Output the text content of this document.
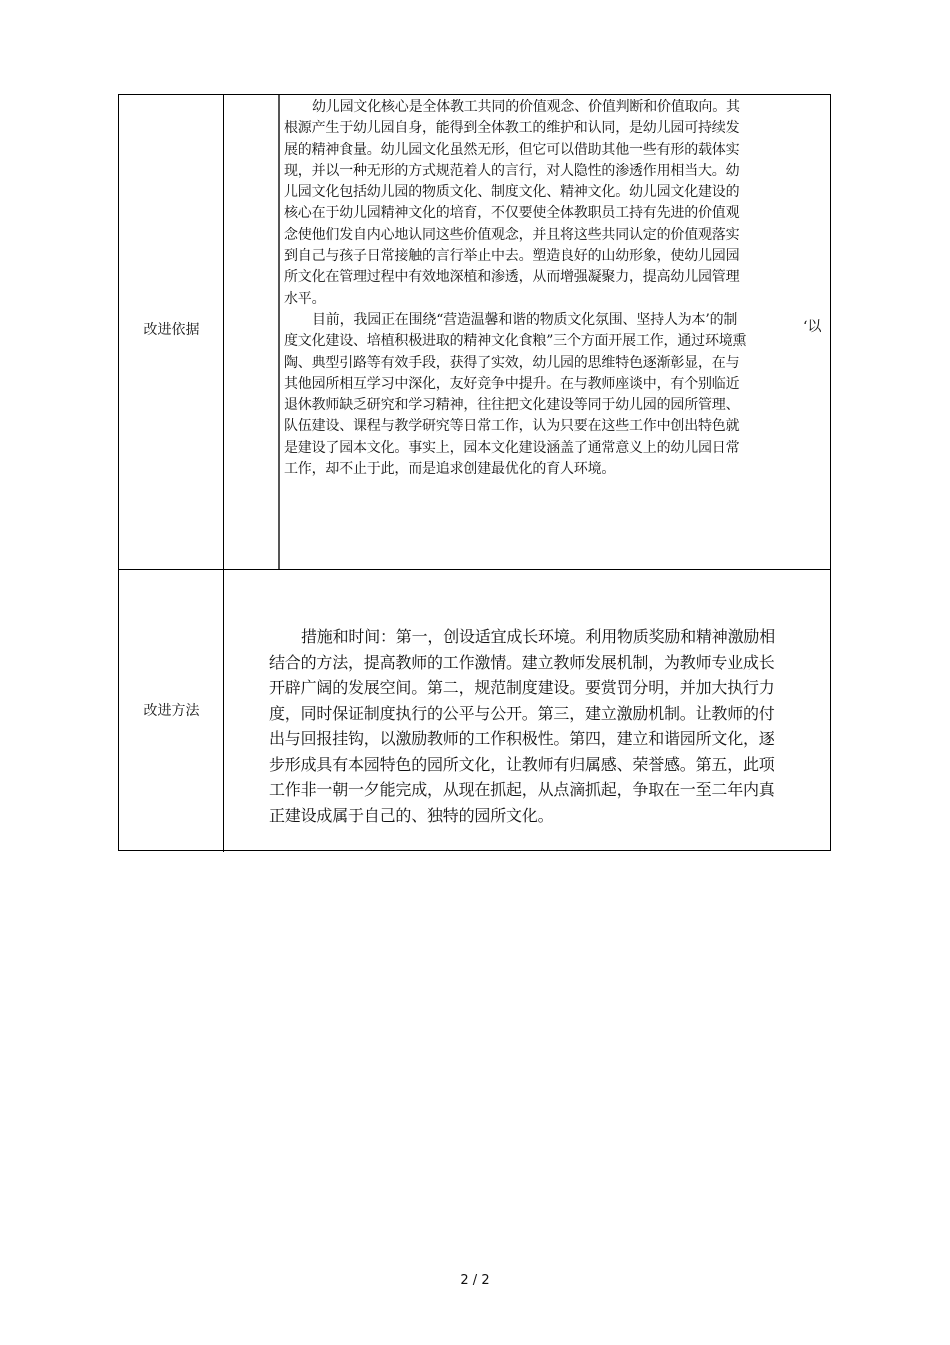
改进依据
改进方法

幼儿园文化核心是全体教工共同的价值观念、价值判断和价值取向。其根源产生于幼儿园自身，能得到全体教工的维护和认同，是幼儿园可持续发展的精神食量。幼儿园文化虽然无形，但它可以借助其他一些有形的载体实现，并以一种无形的方式规范着人的言行，对人隐性的渗透作用相当大。幼儿园文化包括幼儿园的物质文化、制度文化、精神文化。幼儿园文化建设的核心在于幼儿园精神文化的培育，不仅要使全体教职员工持有先进的价值观念使他们发自内心地认同这些价值观念，并且将这些共同认定的价值观落实到自己与孩子日常接触的言行举止中去。塑造良好的山幼形象，使幼儿园园所文化在管理过程中有效地深植和渗透，从而增强凝聚力，提高幼儿园管理水平。

目前，我园正在围绕“营造温馨和谐的物质文化氛围、坚持人为本’的制度文化建设、培植积极进取的精神文化食粮”三个方面开展工作，通过环境熏陶、典型引路等有效手段，获得了实效，幼儿园的思维特色逐渐彰显，在与其他园所相互学习中深化，友好竞争中提升。在与教师座谈中，有个别临近退休教师缺乏研究和学习精神，往往把文化建设等同于幼儿园的园所管理、队伍建设、课程与教学研究等日常工作，认为只要在这些工作中创出特色就是建设了园本文化。事实上，园本文化建设涵盖了通常意义上的幼儿园日常工作，却不止于此，而是追求创建最优化的育人环境。

‘以
措施和时间：第一，创设适宜成长环境。利用物质奖励和精神激励相结合的方法，提高教师的工作激情。建立教师发展机制，为教师专业成长开辟广阔的发展空间。第二，规范制度建设。要赏罚分明，并加大执行力度，同时保证制度执行的公平与公开。第三，建立激励机制。让教师的付出与回报挂钩，以激励教师的工作积极性。第四，建立和谐园所文化，逐步形成具有本园特色的园所文化，让教师有归属感、荣誉感。第五，此项工作非一朝一夕能完成，从现在抓起，从点滴抓起，争取在一至二年内真正建设成属于自己的、独特的园所文化。
2 / 2
